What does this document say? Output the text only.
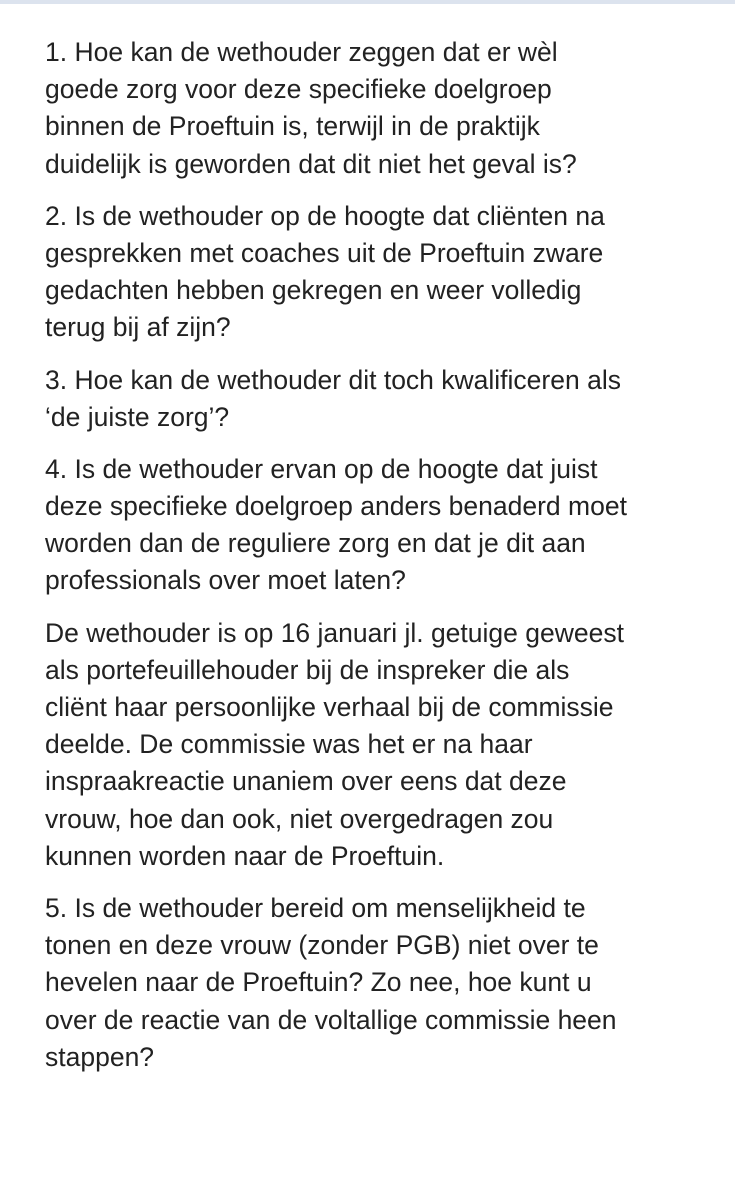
1. Hoe kan de wethouder zeggen dat er wèl
goede zorg voor deze specifieke doelgroep
binnen de Proeftuin is, terwijl in de praktijk
duidelijk is geworden dat dit niet het geval is?
2. Is de wethouder op de hoogte dat cliënten na
gesprekken met coaches uit de Proeftuin zware
gedachten hebben gekregen en weer volledig
terug bij af zijn?
3. Hoe kan de wethouder dit toch kwalificeren als
‘de juiste zorg’?
4. Is de wethouder ervan op de hoogte dat juist
deze specifieke doelgroep anders benaderd moet
worden dan de reguliere zorg en dat je dit aan
professionals over moet laten?
De wethouder is op 16 januari jl. getuige geweest
als portefeuillehouder bij de inspreker die als
cliënt haar persoonlijke verhaal bij de commissie
deelde. De commissie was het er na haar
inspraakreactie unaniem over eens dat deze
vrouw, hoe dan ook, niet overgedragen zou
kunnen worden naar de Proeftuin.
5. Is de wethouder bereid om menselijkheid te
tonen en deze vrouw (zonder PGB) niet over te
hevelen naar de Proeftuin? Zo nee, hoe kunt u
over de reactie van de voltallige commissie heen
stappen?
